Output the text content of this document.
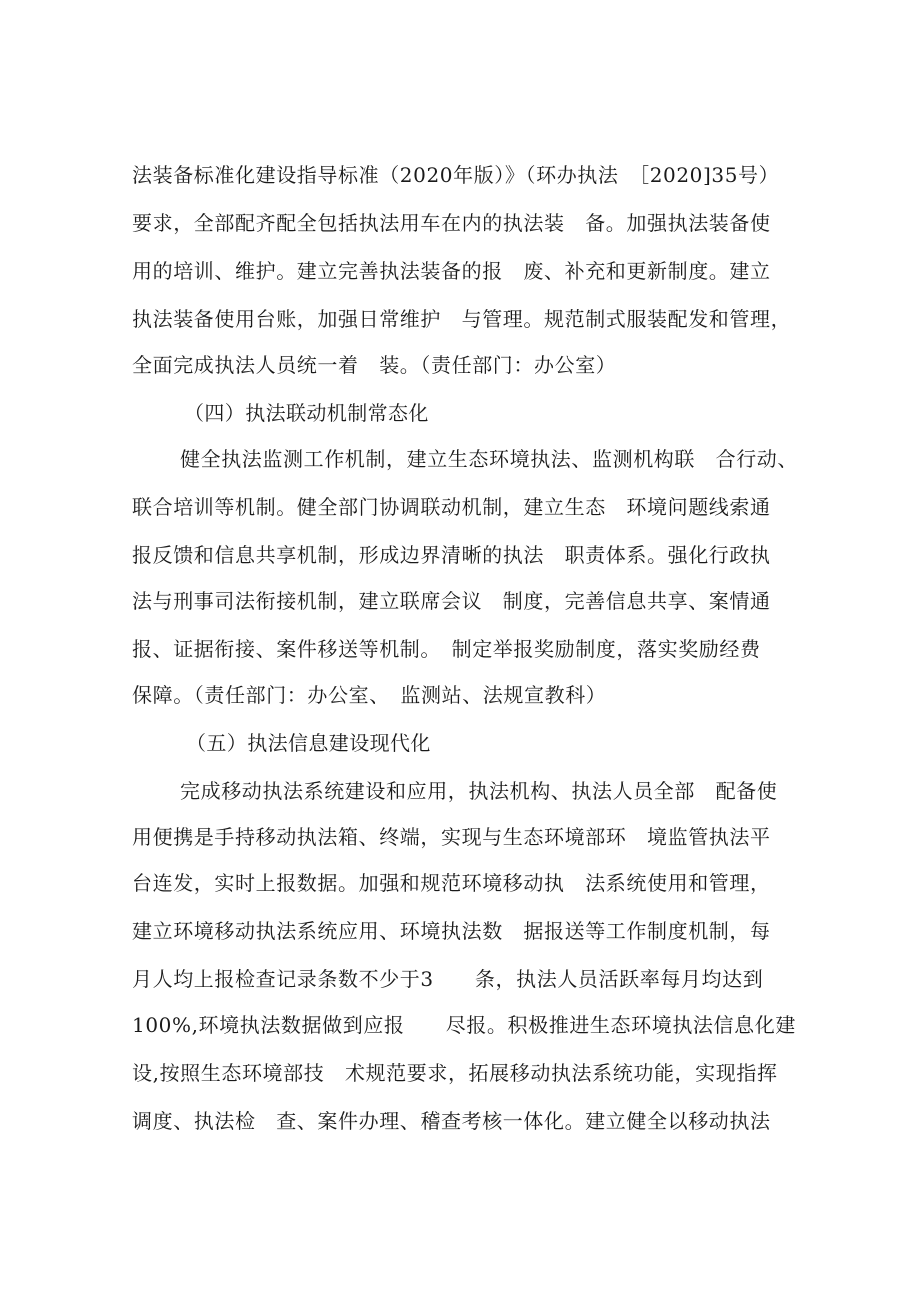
法装备标准化建设指导标准（2020年版）》（环办执法　［2020]35号）
要求，全部配齐配全包括执法用车在内的执法装　备。加强执法装备使
用的培训、维护。建立完善执法装备的报　废、补充和更新制度。建立
执法装备使用台账，加强日常维护　与管理。规范制式服装配发和管理，
全面完成执法人员统一着　装。（责任部门：办公室）
（四）执法联动机制常态化
健全执法监测工作机制，建立生态环境执法、监测机构联　合行动、
联合培训等机制。健全部门协调联动机制，建立生态　环境问题线索通
报反馈和信息共享机制，形成边界清晰的执法　职责体系。强化行政执
法与刑事司法衔接机制，建立联席会议　制度，完善信息共享、案情通
报、证据衔接、案件移送等机制。　制定举报奖励制度，落实奖励经费
保障。（责任部门：办公室、　监测站、法规宣教科）
（五）执法信息建设现代化
完成移动执法系统建设和应用，执法机构、执法人员全部　配备使
用便携是手持移动执法箱、终端，实现与生态环境部环　境监管执法平
台连发，实时上报数据。加强和规范环境移动执　法系统使用和管理，
建立环境移动执法系统应用、环境执法数　据报送等工作制度机制，每
月人均上报检查记录条数不少于3　　条，执法人员活跃率每月均达到
100%,环境执法数据做到应报　　尽报。积极推进生态环境执法信息化建
设,按照生态环境部技　术规范要求，拓展移动执法系统功能，实现指挥
调度、执法检　查、案件办理、稽查考核一体化。建立健全以移动执法
